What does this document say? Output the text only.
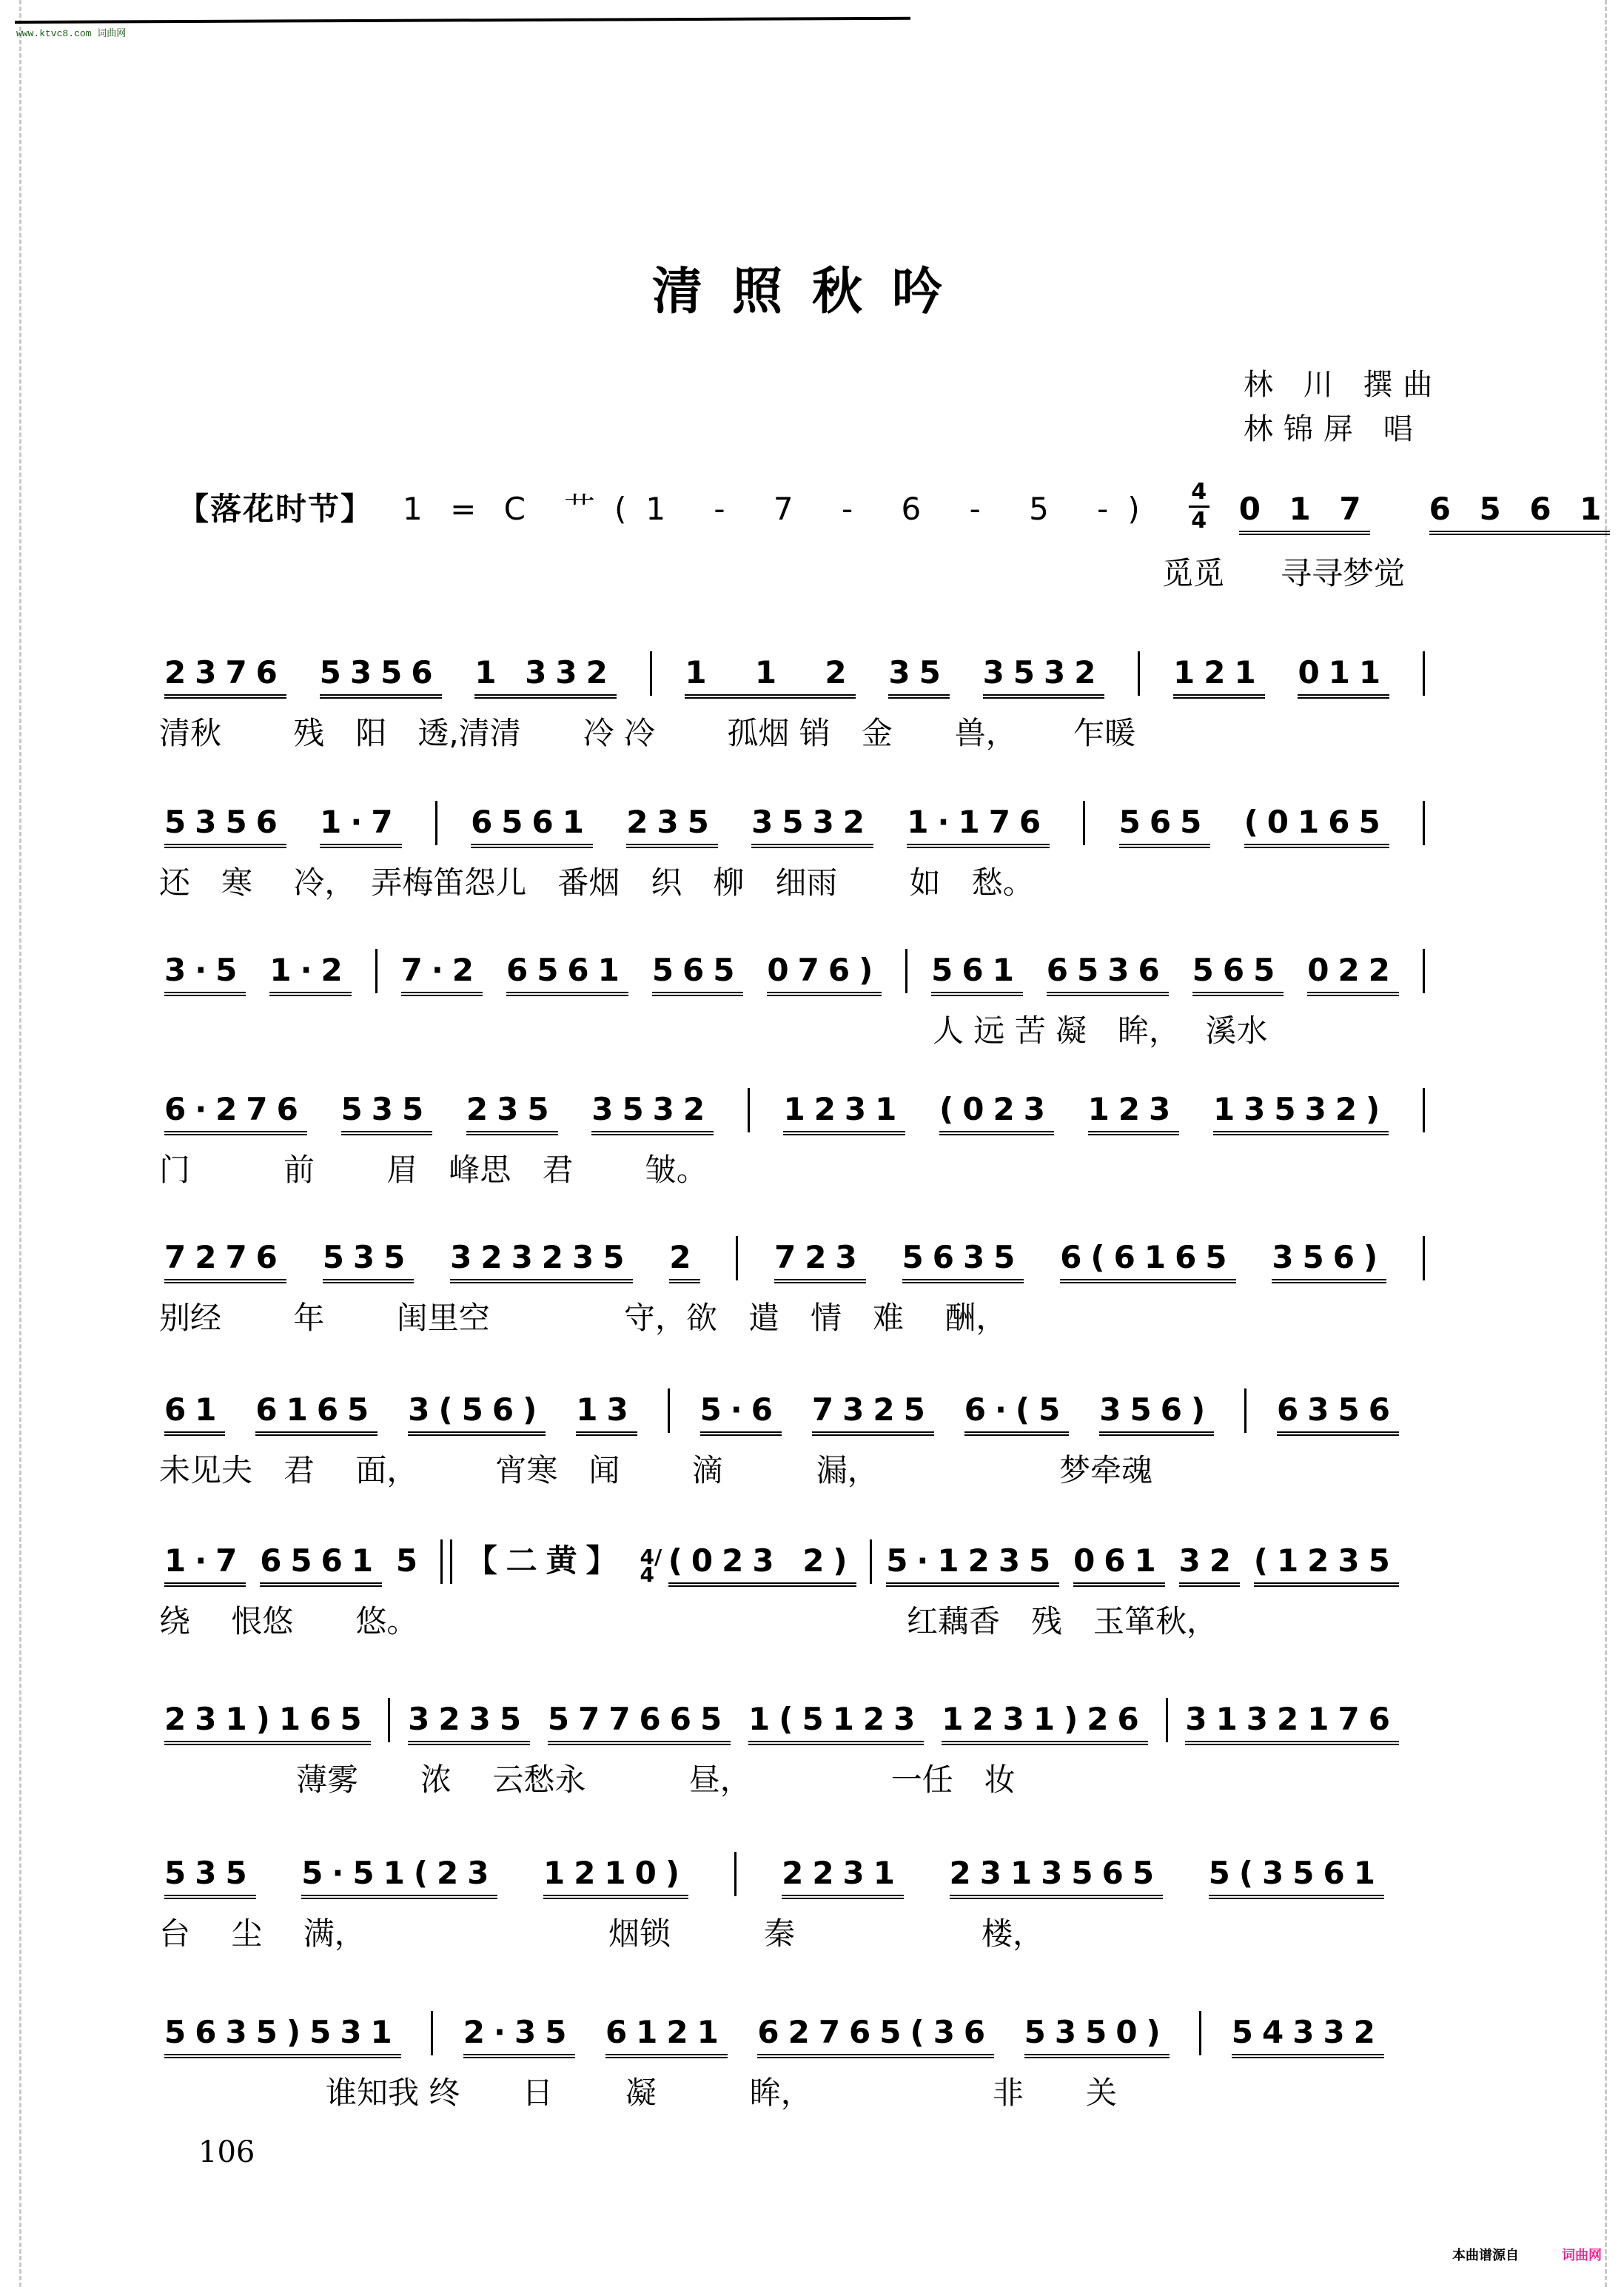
www.ktvc8.com 词曲网
清照秋吟
林 川 撰曲
林锦屏 唱
【落花时节】 1 = C 艹(1 - 7 - 6 - 5 -) $\frac{4}{4} 0$ 1 7 6 5 6 1
觅觅 寻寻梦觉
2376 5356 1 332 1  1  2 35 3532 121 011
清秋　　 残　阳　透,清清　　冷 冷　　 孤烟 销　金　　兽，　　 乍暖
5356 1·7 6561 235 3532 1·176 565 (0165
还　寒　 冷，　弄梅笛怨儿　番烟　织　柳　细雨　　 如　愁。
3·5 1·2 7·2 6561 565 076) 561 6536 565 022
人 远 苦 凝　眸，　 溪水
6·276 535 235 3532 1231 (023 123 13532)
门　　　前　　 眉　峰思　君　　 皱。
7276 535 323235 2 723 5635 6(6165 356)
别经　　 年　　 闺里空　　　　 守，欲　遣　情　难　 酬，
61 6165 3(56) 13 5·6 7325 6·(5 356) 6356
未见夫　君　 面，　　　宵寒　闻　　 滴　　　漏，　　　　　　 梦牵魂
1·7 6561 5 【二黄】 4/4 (023 2) 5·1235 061 32 (1235
绕　 恨悠　　悠。	红藕香　残　玉箪秋，
231)165 3235 577665 1(5123 1231)26 3132176
薄雾　　浓　 云愁永　　　 昼，　　　　　一任　妆
535 5·51(23 1210)	2231 2313565 5(3561
台　 尘　 满，　　　　　　　　 烟锁　　　秦　　　　　　楼，
5635)531 2·35 6121 62765(36 5350) 54332
谁知我 终　　日　　 凝　　　眸，　　　　　　 非　　关
106
本曲谱源自	词曲网
